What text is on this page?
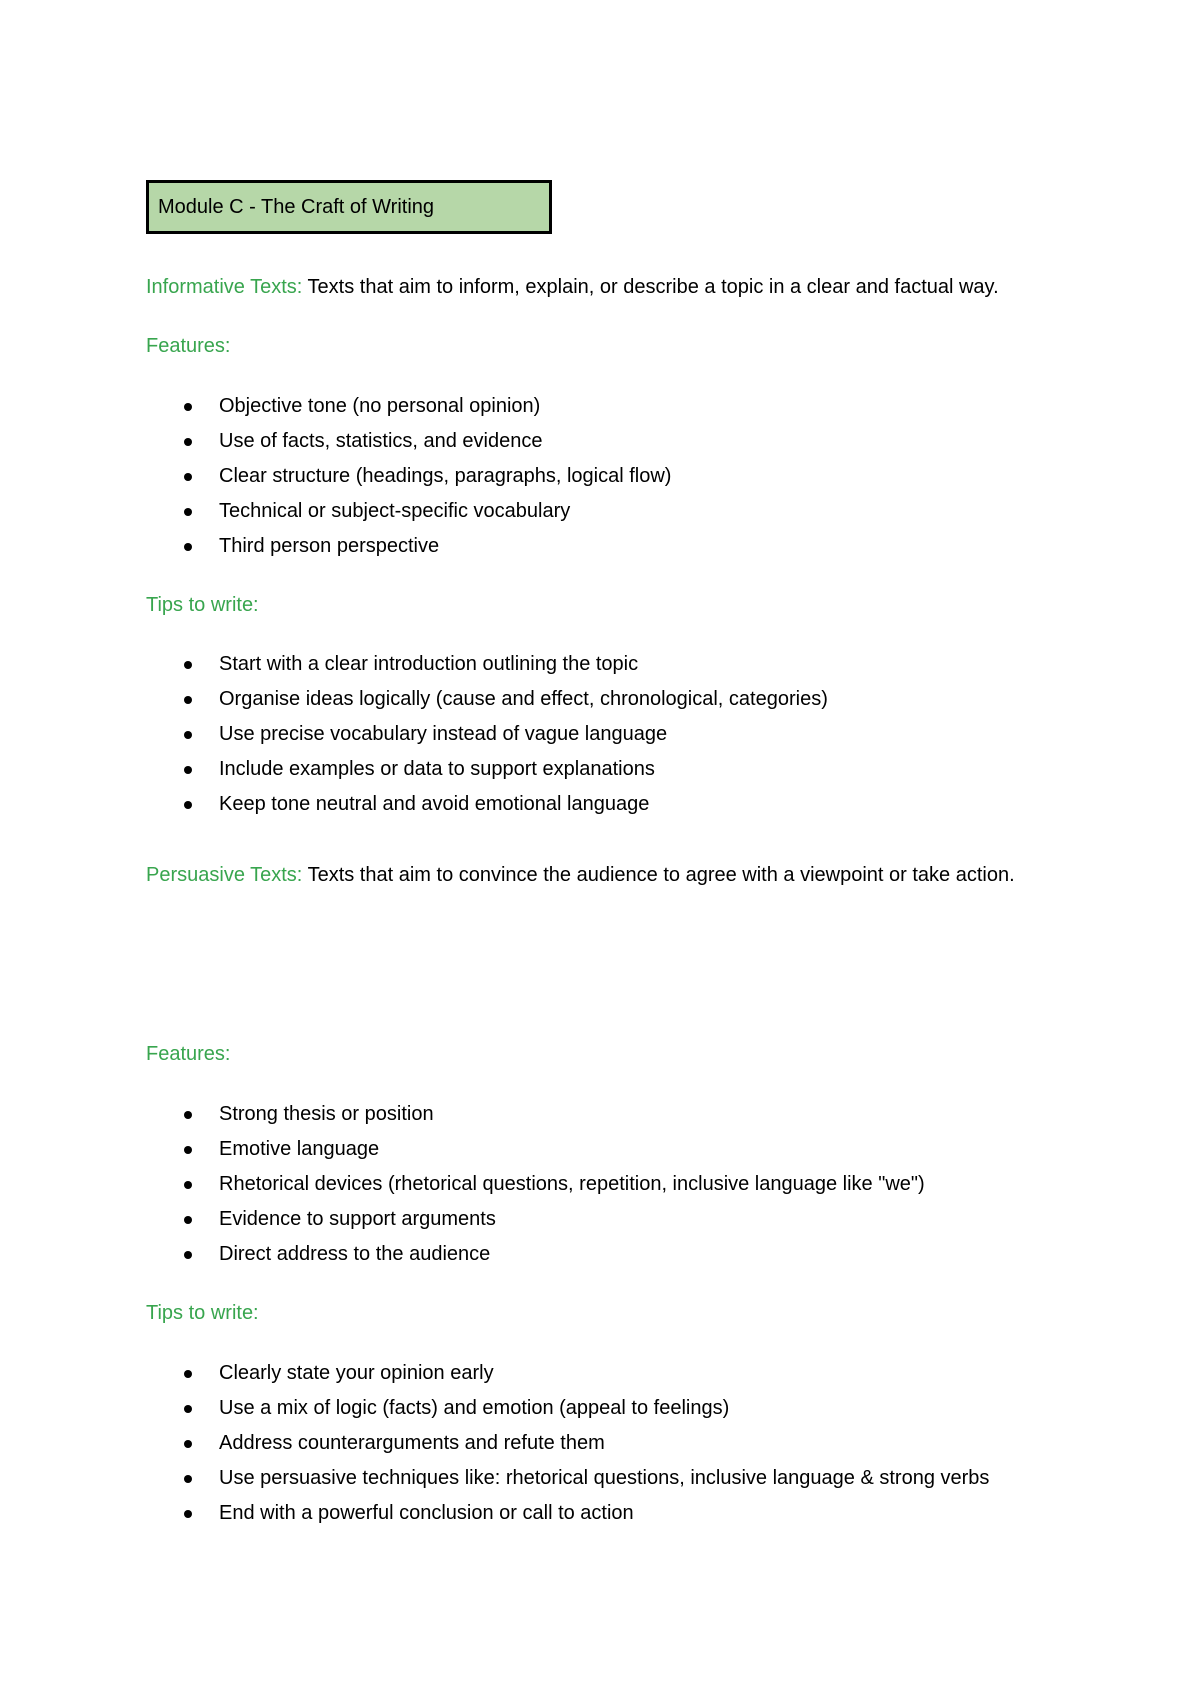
Module C - The Craft of Writing
Informative Texts: Texts that aim to inform, explain, or describe a topic in a clear and factual way.
Features:
Objective tone (no personal opinion)
Use of facts, statistics, and evidence
Clear structure (headings, paragraphs, logical flow)
Technical or subject-specific vocabulary
Third person perspective
Tips to write:
Start with a clear introduction outlining the topic
Organise ideas logically (cause and effect, chronological, categories)
Use precise vocabulary instead of vague language
Include examples or data to support explanations
Keep tone neutral and avoid emotional language
Persuasive Texts: Texts that aim to convince the audience to agree with a viewpoint or take action.
Features:
Strong thesis or position
Emotive language
Rhetorical devices (rhetorical questions, repetition, inclusive language like "we")
Evidence to support arguments
Direct address to the audience
Tips to write:
Clearly state your opinion early
Use a mix of logic (facts) and emotion (appeal to feelings)
Address counterarguments and refute them
Use persuasive techniques like: rhetorical questions, inclusive language & strong verbs
End with a powerful conclusion or call to action
